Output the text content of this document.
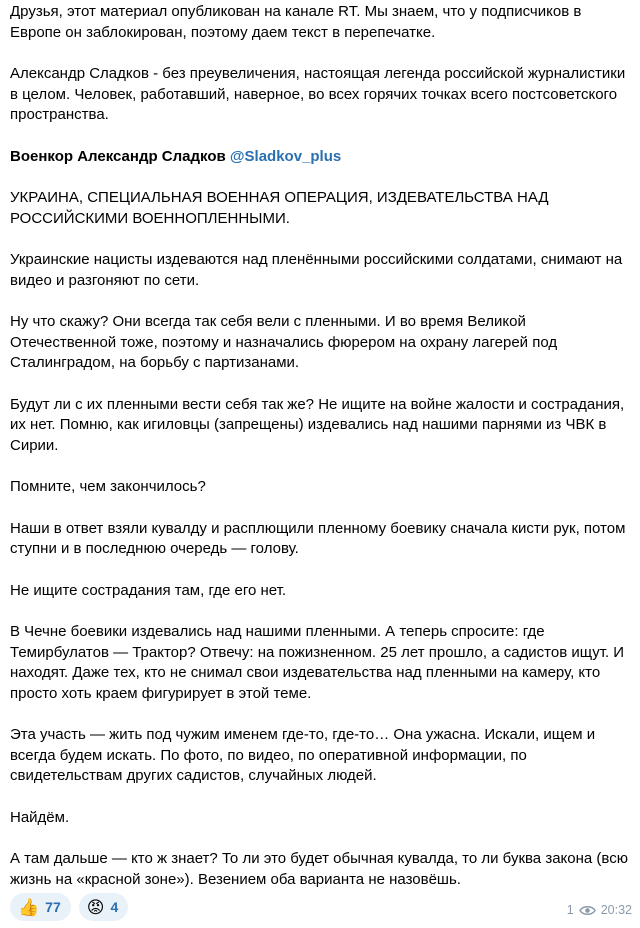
Друзья, этот материал опубликован на канале RT. Мы знаем, что у подписчиков в Европе он заблокирован, поэтому даем текст в перепечатке.

Александр Сладков - без преувеличения, настоящая легенда российской журналистики в целом. Человек, работавший, наверное, во всех горячих точках всего постсоветского пространства.

Военкор Александр Сладков @Sladkov_plus

УКРАИНА, СПЕЦИАЛЬНАЯ ВОЕННАЯ ОПЕРАЦИЯ, ИЗДЕВАТЕЛЬСТВА НАД РОССИЙСКИМИ ВОЕННОПЛЕННЫМИ.

Украинские нацисты издеваются над пленёнными российскими солдатами, снимают на видео и разгоняют по сети.

Ну что скажу? Они всегда так себя вели с пленными. И во время Великой Отечественной тоже, поэтому и назначались фюрером на охрану лагерей под Сталинградом, на борьбу с партизанами.

Будут ли с их пленными вести себя так же? Не ищите на войне жалости и сострадания, их нет. Помню, как игиловцы (запрещены) издевались над нашими парнями из ЧВК в Сирии.

Помните, чем закончилось?

Наши в ответ взяли кувалду и расплющили пленному боевику сначала кисти рук, потом ступни и в последнюю очередь — голову.

Не ищите сострадания там, где его нет.

В Чечне боевики издевались над нашими пленными. А теперь спросите: где Темирбулатов — Трактор? Отвечу: на пожизненном. 25 лет прошло, а садистов ищут. И находят. Даже тех, кто не снимал свои издевательства над пленными на камеру, кто просто хоть краем фигурирует в этой теме.

Эта участь — жить под чужим именем где-то, где-то… Она ужасна. Искали, ищем и всегда будем искать. По фото, по видео, по оперативной информации, по свидетельствам других садистов, случайных людей.

Найдём.

А там дальше — кто ж знает? То ли это будет обычная кувалда, то ли буква закона (всю жизнь на «красной зоне»). Везением оба варианта не назовёшь.

👍 77 😡 4	1 20:32
